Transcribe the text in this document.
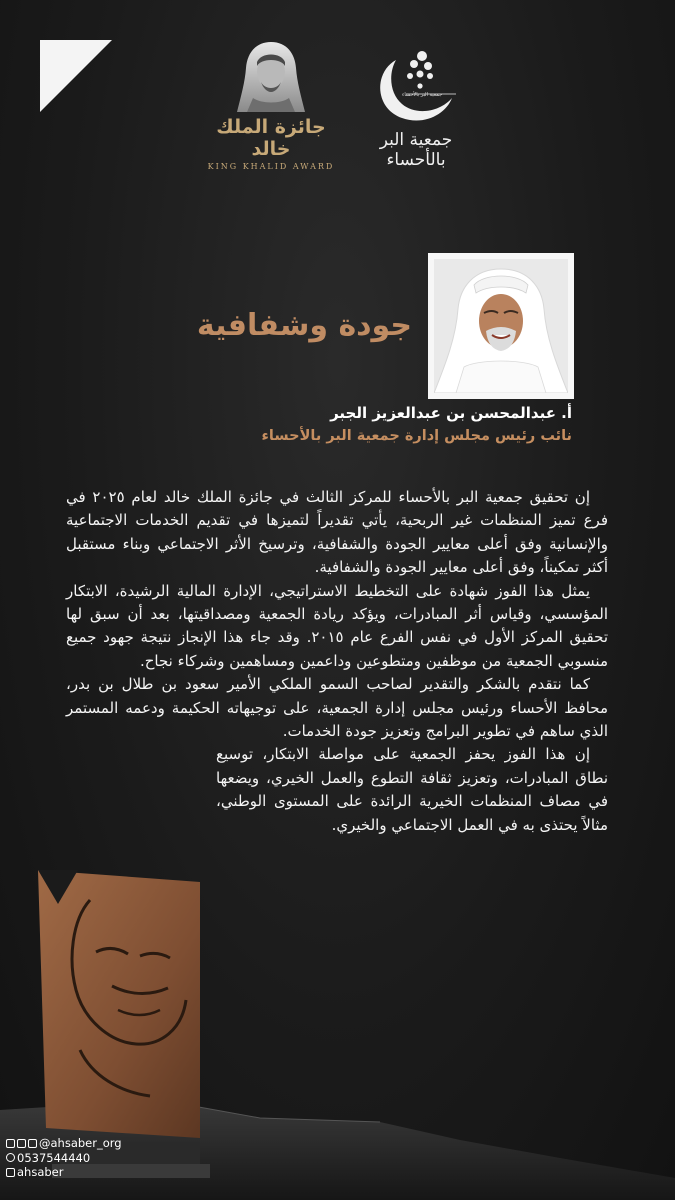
جمعية البر بالأحساء
جمعية البر بالأحساء
جائزة الملك خالد
KING KHALID AWARD
جودة وشفافية
أ. عبدالمحسن بن عبدالعزيز الجبر
نائب رئيس مجلس إدارة جمعية البر بالأحساء

إن تحقيق جمعية البر بالأحساء للمركز الثالث في جائزة الملك خالد لعام ٢٠٢٥ في فرع تميز المنظمات غير الربحية، يأتي تقديراً لتميزها في تقديم الخدمات الاجتماعية والإنسانية وفق أعلى معايير الجودة والشفافية، وترسيخ الأثر الاجتماعي وبناء مستقبل أكثر تمكيناً، وفق أعلى معايير الجودة والشفافية.

يمثل هذا الفوز شهادة على التخطيط الاستراتيجي، الإدارة المالية الرشيدة، الابتكار المؤسسي، وقياس أثر المبادرات، ويؤكد ريادة الجمعية ومصداقيتها، بعد أن سبق لها تحقيق المركز الأول في نفس الفرع عام ٢٠١٥. وقد جاء هذا الإنجاز نتيجة جهود جميع منسوبي الجمعية من موظفين ومتطوعين وداعمين ومساهمين وشركاء نجاح.

كما نتقدم بالشكر والتقدير لصاحب السمو الملكي الأمير سعود بن طلال بن بدر، محافظ الأحساء ورئيس مجلس إدارة الجمعية، على توجيهاته الحكيمة ودعمه المستمر الذي ساهم في تطوير البرامج وتعزيز جودة الخدمات.

إن هذا الفوز يحفز الجمعية على مواصلة الابتكار، توسيع نطاق المبادرات، وتعزيز ثقافة التطوع والعمل الخيري، ويضعها في مصاف المنظمات الخيرية الرائدة على المستوى الوطني، مثالاً يحتذى به في العمل الاجتماعي والخيري.

@ahsaber_org
0537544440
ahsaber
